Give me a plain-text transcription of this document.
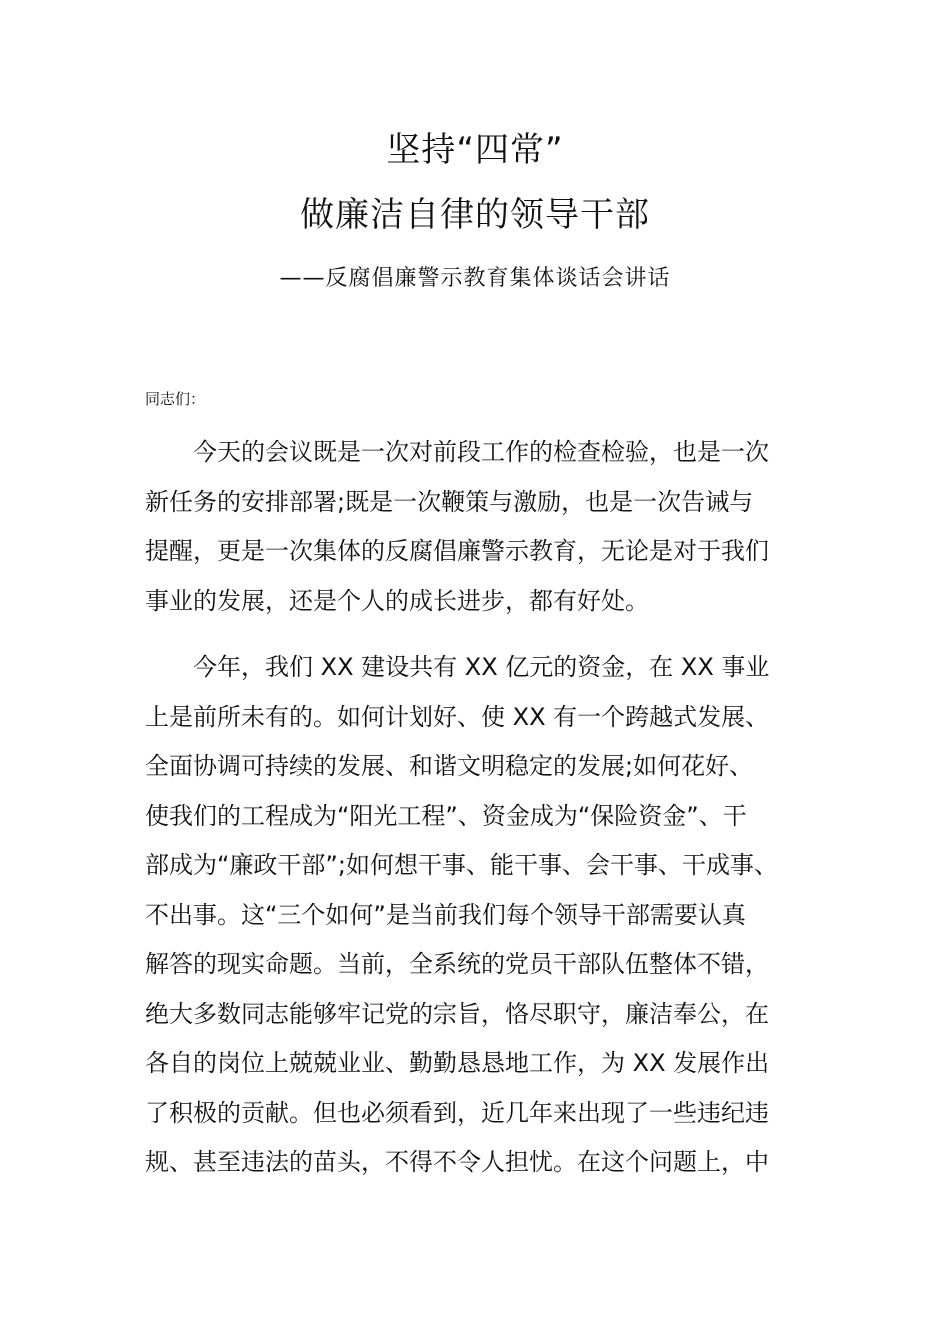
坚持“四常”
做廉洁自律的领导干部
——反腐倡廉警示教育集体谈话会讲话
同志们：
今天的会议既是一次对前段工作的检查检验，也是一次
新任务的安排部署;既是一次鞭策与激励，也是一次告诫与
提醒，更是一次集体的反腐倡廉警示教育，无论是对于我们
事业的发展，还是个人的成长进步，都有好处。
今年，我们 XX 建设共有 XX 亿元的资金，在 XX 事业
上是前所未有的。如何计划好、使 XX 有一个跨越式发展、
全面协调可持续的发展、和谐文明稳定的发展;如何花好、
使我们的工程成为“阳光工程”、资金成为“保险资金”、干
部成为“廉政干部”;如何想干事、能干事、会干事、干成事、
不出事。这“三个如何”是当前我们每个领导干部需要认真
解答的现实命题。当前，全系统的党员干部队伍整体不错，
绝大多数同志能够牢记党的宗旨，恪尽职守，廉洁奉公，在
各自的岗位上兢兢业业、勤勤恳恳地工作，为 XX 发展作出
了积极的贡献。但也必须看到，近几年来出现了一些违纪违
规、甚至违法的苗头，不得不令人担忧。在这个问题上，中
